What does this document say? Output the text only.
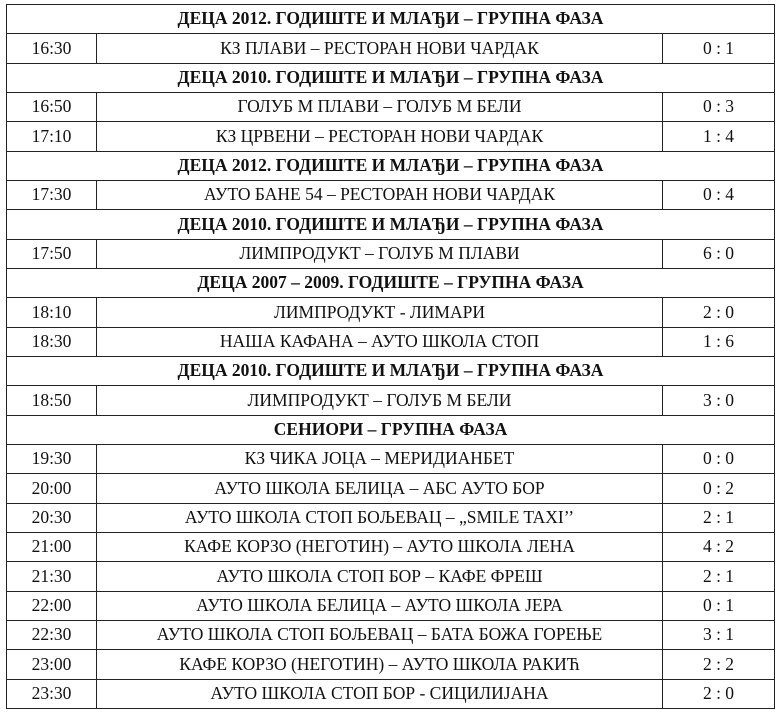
ДЕЦА 2012. ГОДИШТЕ И МЛАЂИ – ГРУПНА ФАЗА		
16:30	КЗ ПЛАВИ – РЕСТОРАН НОВИ ЧАРДАК	0 : 1
ДЕЦА 2010. ГОДИШТЕ И МЛАЂИ – ГРУПНА ФАЗА		
16:50	ГОЛУБ М ПЛАВИ – ГОЛУБ М БЕЛИ	0 : 3
17:10	КЗ ЦРВЕНИ – РЕСТОРАН НОВИ ЧАРДАК	1 : 4
ДЕЦА 2012. ГОДИШТЕ И МЛАЂИ – ГРУПНА ФАЗА		
17:30	АУТО БАНЕ 54 – РЕСТОРАН НОВИ ЧАРДАК	0 : 4
ДЕЦА 2010. ГОДИШТЕ И МЛАЂИ – ГРУПНА ФАЗА		
17:50	ЛИМПРОДУКТ – ГОЛУБ М ПЛАВИ	6 : 0
ДЕЦА 2007 – 2009. ГОДИШТЕ – ГРУПНА ФАЗА		
18:10	ЛИМПРОДУКТ - ЛИМАРИ	2 : 0
18:30	НАША КАФАНА – АУТО ШКОЛА СТОП	1 : 6
ДЕЦА 2010. ГОДИШТЕ И МЛАЂИ – ГРУПНА ФАЗА		
18:50	ЛИМПРОДУКТ – ГОЛУБ М БЕЛИ	3 : 0
СЕНИОРИ – ГРУПНА ФАЗА		
19:30	КЗ ЧИКА ЈОЦА – МЕРИДИАНБЕТ	0 : 0
20:00	АУТО ШКОЛА БЕЛИЦА – АБС АУТО БОР	0 : 2
20:30	АУТО ШКОЛА СТОП БОЉЕВАЦ – „SMILE TAXI’’	2 : 1
21:00	КАФЕ КОРЗО (НЕГОТИН) – АУТО ШКОЛА ЛЕНА	4 : 2
21:30	АУТО ШКОЛА СТОП БОР – КАФЕ ФРЕШ	2 : 1
22:00	АУТО ШКОЛА БЕЛИЦА – АУТО ШКОЛА ЈЕРА	0 : 1
22:30	АУТО ШКОЛА СТОП БОЉЕВАЦ – БАТА БОЖА ГОРЕЊЕ	3 : 1
23:00	КАФЕ КОРЗО (НЕГОТИН) – АУТО ШКОЛА РАКИЋ	2 : 2
23:30	АУТО ШКОЛА СТОП БОР - СИЦИЛИЈАНА	2 : 0
